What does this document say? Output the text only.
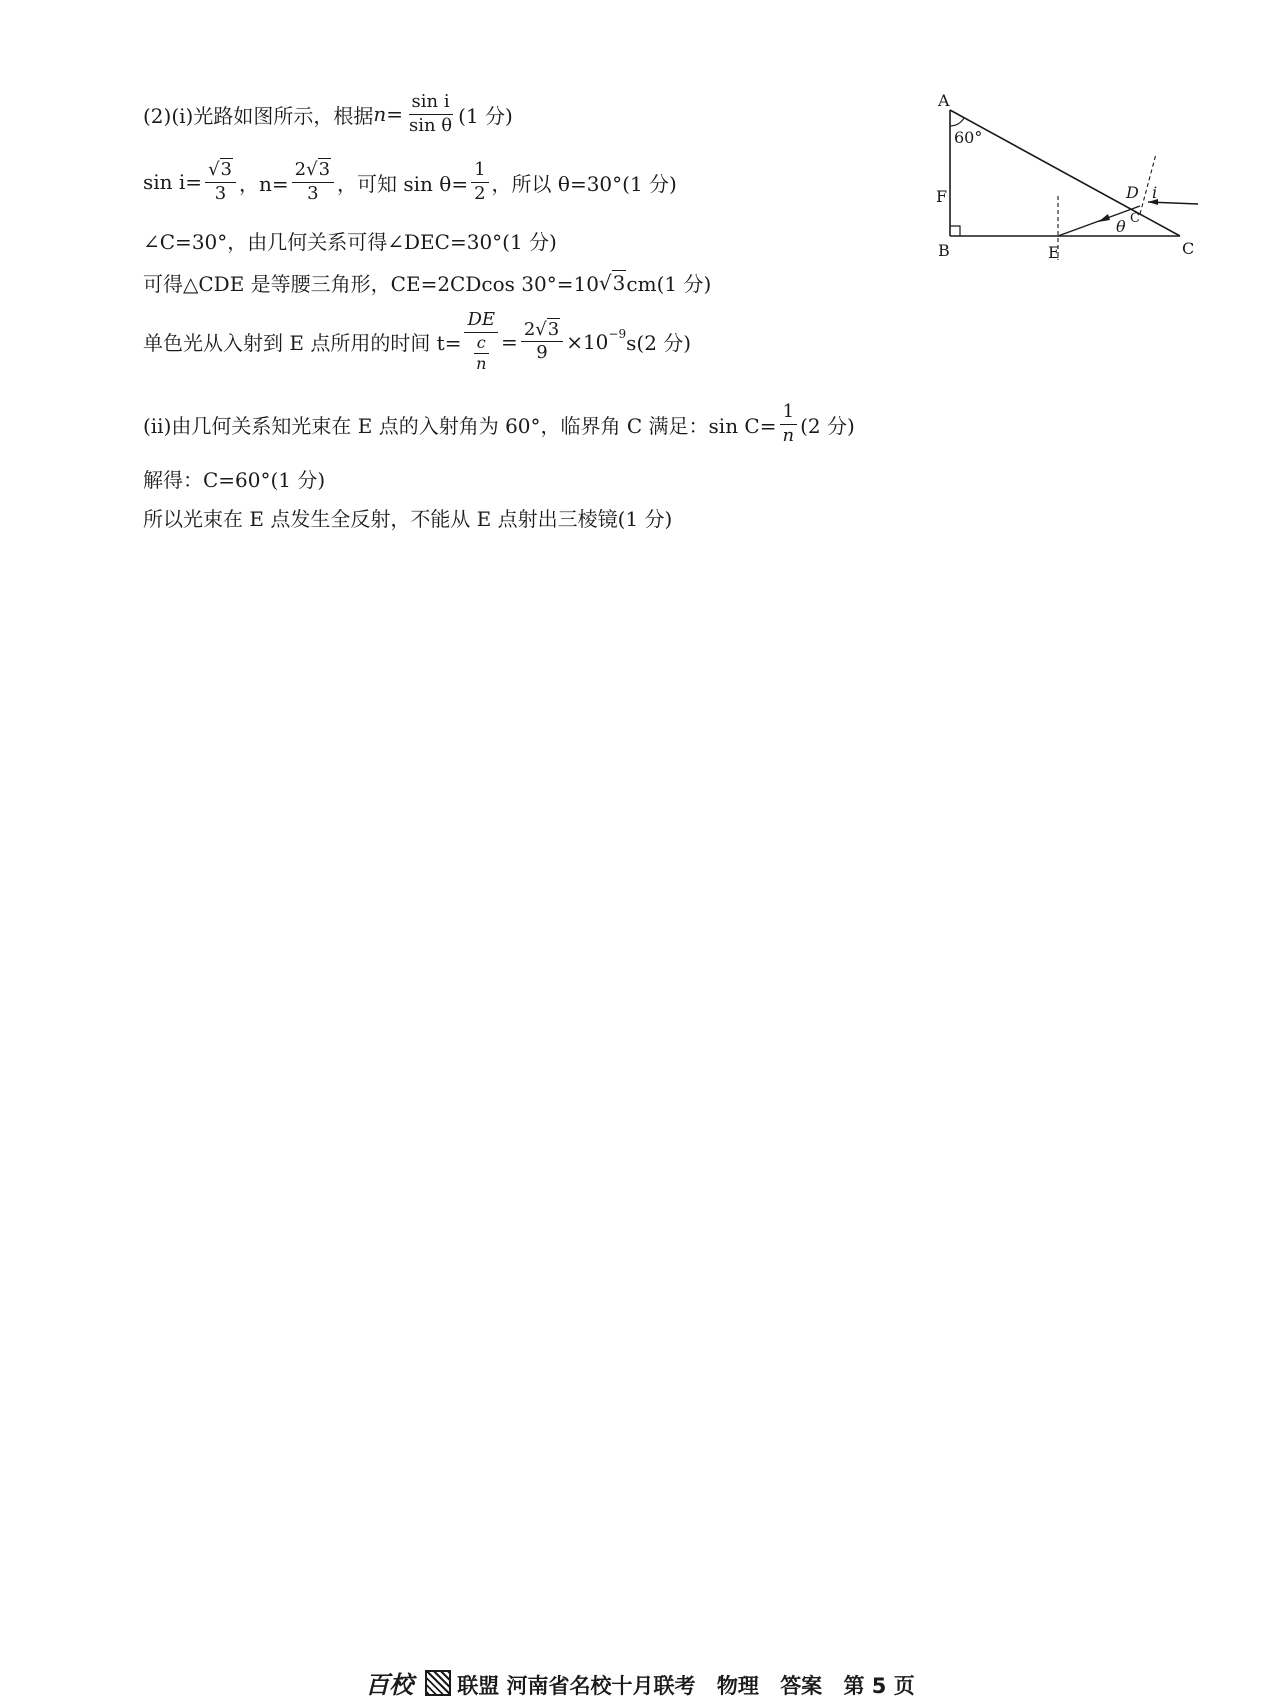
(2)(ⅰ)光路如图所示，根据 $n= \frac{\text{sin i}}{\text{sin θ}} (1$ 分)
$\sin i= \frac{√3}{3}$ ，$n= \frac{2√3}{3}$ ，可知 $\sin \theta= \frac{1}{2}$ ，所以 θ=30°(1 分)
∠C=30°，由几何关系可得∠DEC=30°(1 分)
可得△CDE 是等腰三角形，CE=2CDcos 30°=10 √3 cm(1 分)
单色光从入射到 E 点所用的时间 $t= \frac{DE}{\frac{c}{n}} = \frac{2√3}{9} \times 10 -9$ s(2 分)
(ⅱ)由几何关系知光束在 E 点的入射角为 60°，临界角 C 满足：$\sin C= \frac{1}{n} (2$ 分)
解得：C=60°(1 分)
所以光束在 E 点发生全反射，不能从 E 点射出三棱镜(1 分)
A
B	C
D
E
F
60°
i
θ C
百校 联盟 河南省名校十月联考 物理 答案 第 5 页
